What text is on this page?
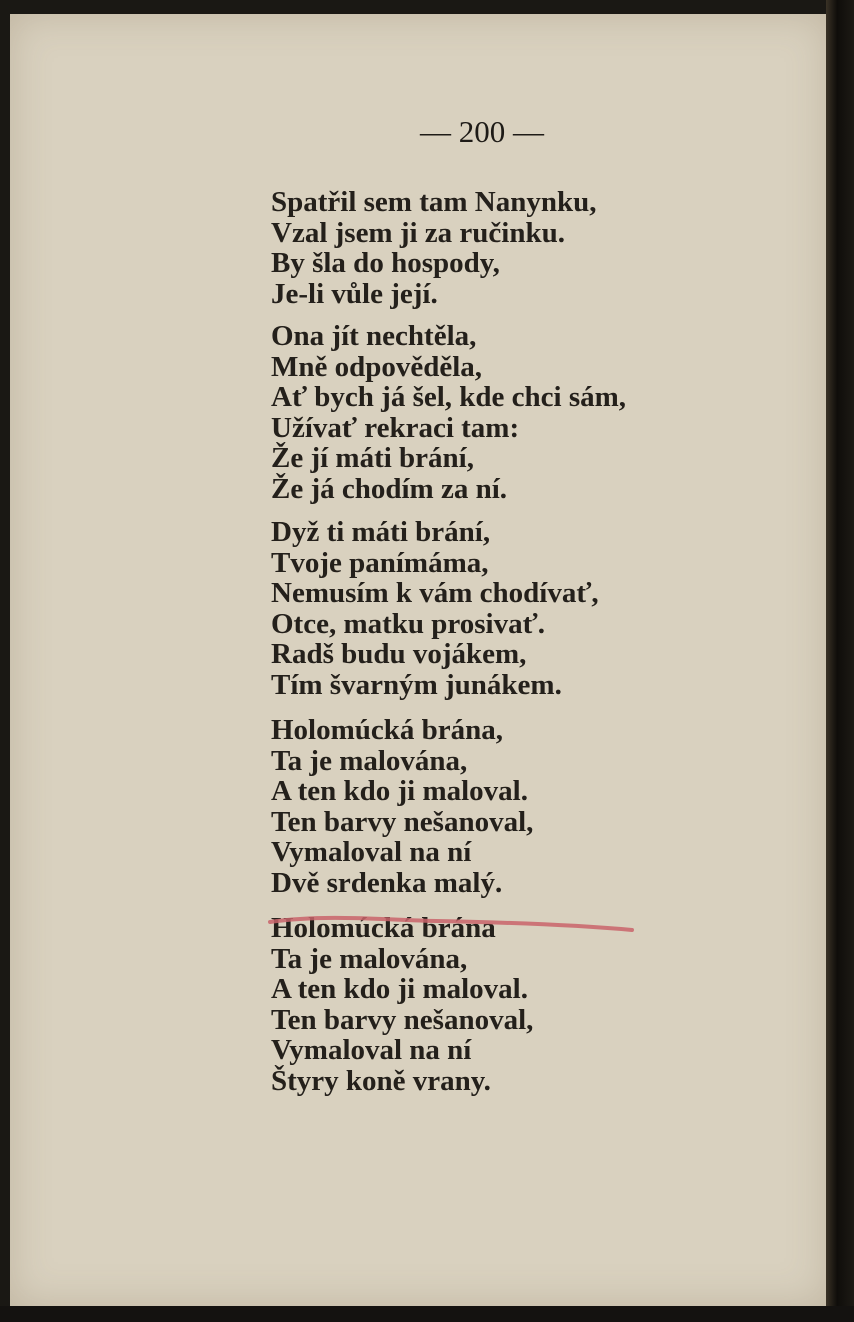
— 200 —
Spatřil sem tam Nanynku,
Vzal jsem ji za ručinku.
By šla do hospody,
Je-li vůle její.
Ona jít nechtěla,
Mně odpověděla,
Ať bych já šel, kde chci sám,
Užívať rekraci tam:
Že jí máti brání,
Že já chodím za ní.
Dyž ti máti brání,
Tvoje panímáma,
Nemusím k vám chodívať,
Otce, matku prosivať.
Radš budu vojákem,
Tím švarným junákem.
Holomúcká brána,
Ta je malována,
A ten kdo ji maloval.
Ten barvy nešanoval,
Vymaloval na ní
Dvě srdenka malý.
Holomúcká brána
Ta je malována,
A ten kdo ji maloval.
Ten barvy nešanoval,
Vymaloval na ní
Štyry koně vrany.
